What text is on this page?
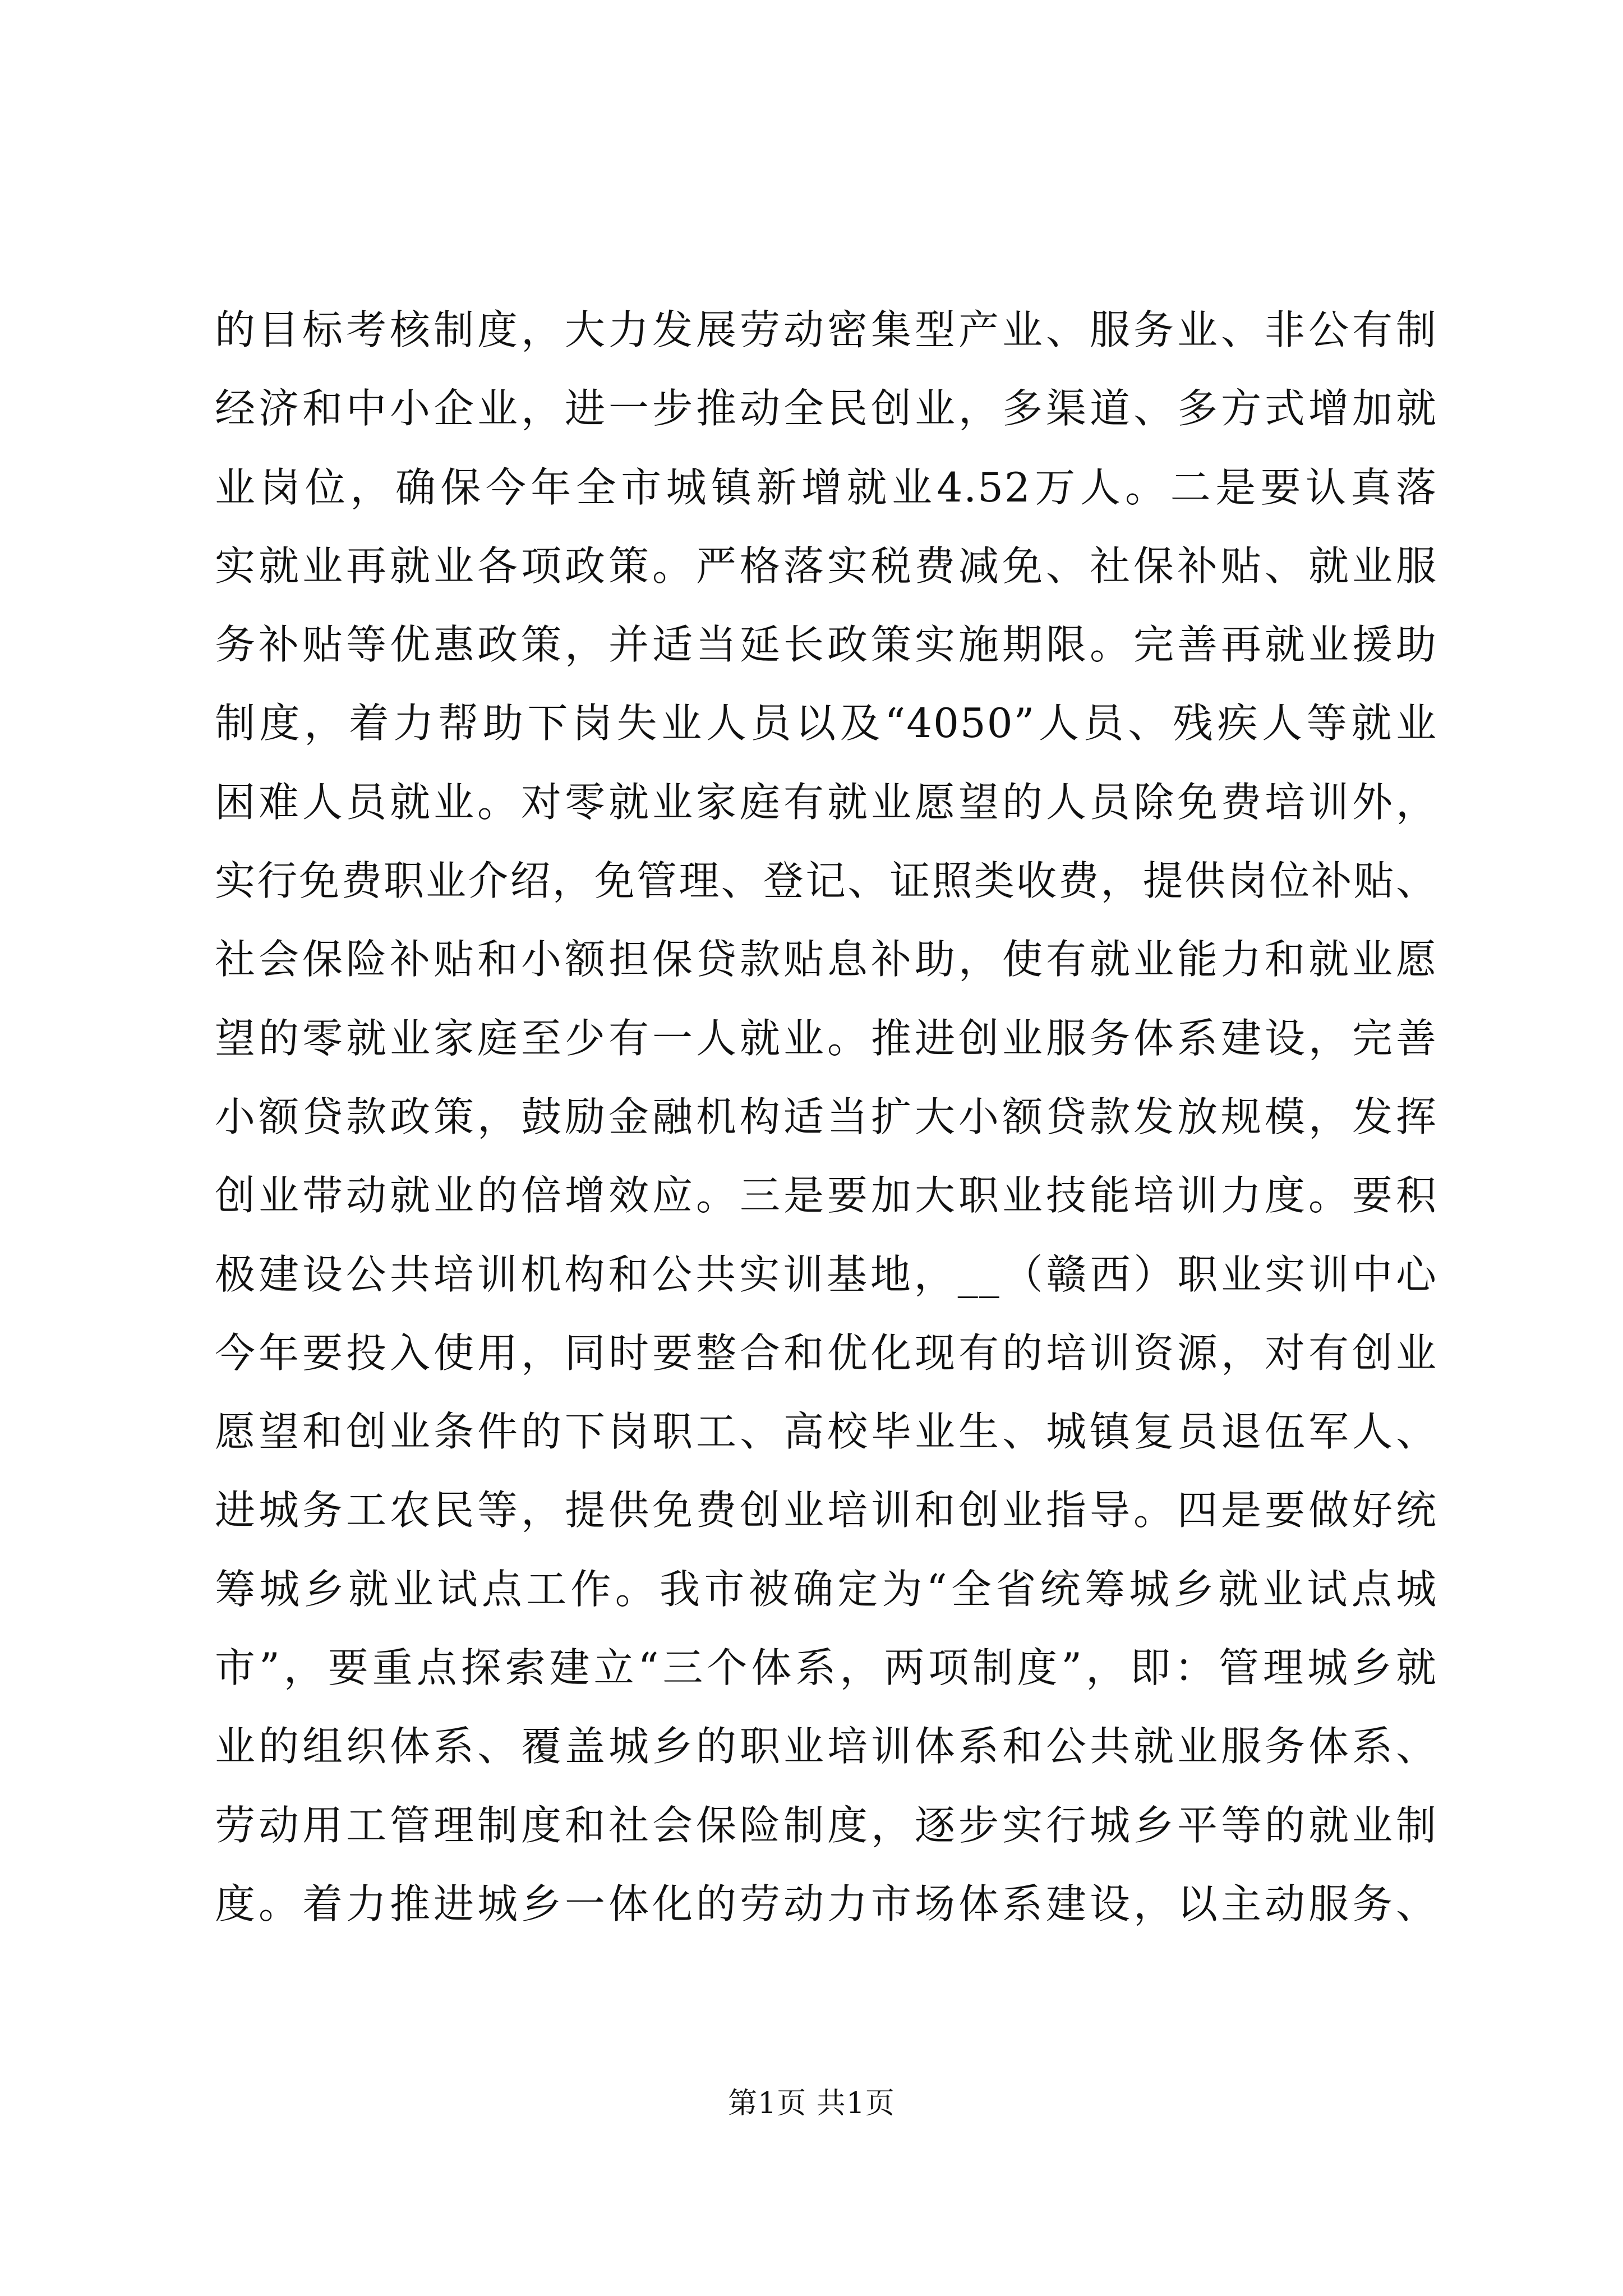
的目标考核制度，大力发展劳动密集型产业、服务业、非公有制
经济和中小企业，进一步推动全民创业，多渠道、多方式增加就
业岗位，确保今年全市城镇新增就业4.52万人。二是要认真落
实就业再就业各项政策。严格落实税费减免、社保补贴、就业服
务补贴等优惠政策，并适当延长政策实施期限。完善再就业援助
制度，着力帮助下岗失业人员以及“4050”人员、残疾人等就业
困难人员就业。对零就业家庭有就业愿望的人员除免费培训外，
实行免费职业介绍，免管理、登记、证照类收费，提供岗位补贴、
社会保险补贴和小额担保贷款贴息补助，使有就业能力和就业愿
望的零就业家庭至少有一人就业。推进创业服务体系建设，完善
小额贷款政策，鼓励金融机构适当扩大小额贷款发放规模，发挥
创业带动就业的倍增效应。三是要加大职业技能培训力度。要积
极建设公共培训机构和公共实训基地，__（赣西）职业实训中心
今年要投入使用，同时要整合和优化现有的培训资源，对有创业
愿望和创业条件的下岗职工、高校毕业生、城镇复员退伍军人、
进城务工农民等，提供免费创业培训和创业指导。四是要做好统
筹城乡就业试点工作。我市被确定为“全省统筹城乡就业试点城
市”，要重点探索建立“三个体系，两项制度”，即：管理城乡就
业的组织体系、覆盖城乡的职业培训体系和公共就业服务体系、
劳动用工管理制度和社会保险制度，逐步实行城乡平等的就业制
度。着力推进城乡一体化的劳动力市场体系建设，以主动服务、
第1页 共1页
